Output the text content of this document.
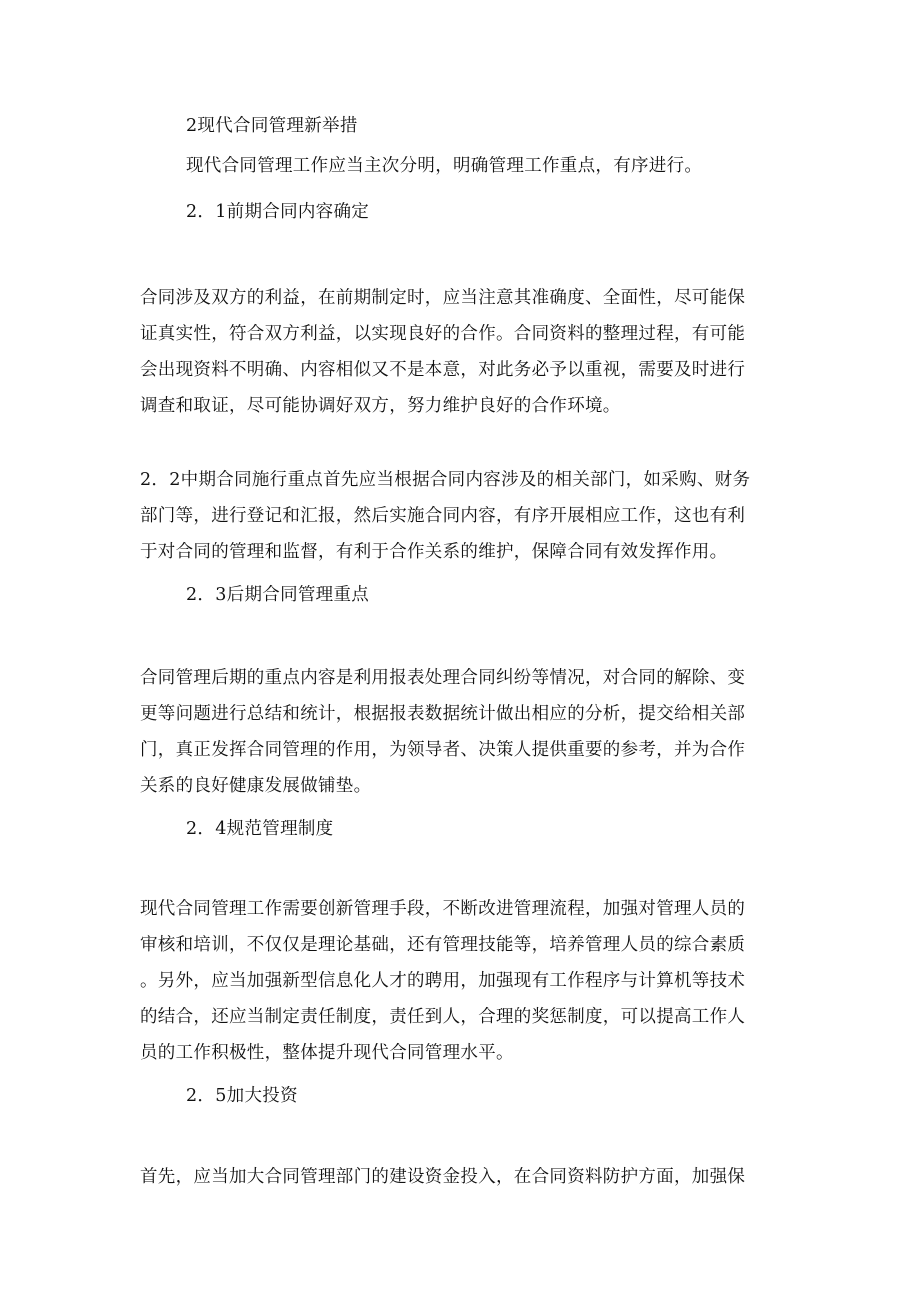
2现代合同管理新举措
现代合同管理工作应当主次分明，明确管理工作重点，有序进行。
2．1前期合同内容确定
合同涉及双方的利益，在前期制定时，应当注意其准确度、全面性，尽可能保
证真实性，符合双方利益，以实现良好的合作。合同资料的整理过程，有可能
会出现资料不明确、内容相似又不是本意，对此务必予以重视，需要及时进行
调查和取证，尽可能协调好双方，努力维护良好的合作环境。
2．2中期合同施行重点首先应当根据合同内容涉及的相关部门，如采购、财务
部门等，进行登记和汇报，然后实施合同内容，有序开展相应工作，这也有利
于对合同的管理和监督，有利于合作关系的维护，保障合同有效发挥作用。
2．3后期合同管理重点
合同管理后期的重点内容是利用报表处理合同纠纷等情况，对合同的解除、变
更等问题进行总结和统计，根据报表数据统计做出相应的分析，提交给相关部
门，真正发挥合同管理的作用，为领导者、决策人提供重要的参考，并为合作
关系的良好健康发展做铺垫。
2．4规范管理制度
现代合同管理工作需要创新管理手段，不断改进管理流程，加强对管理人员的
审核和培训，不仅仅是理论基础，还有管理技能等，培养管理人员的综合素质
。另外，应当加强新型信息化人才的聘用，加强现有工作程序与计算机等技术
的结合，还应当制定责任制度，责任到人，合理的奖惩制度，可以提高工作人
员的工作积极性，整体提升现代合同管理水平。
2．5加大投资
首先，应当加大合同管理部门的建设资金投入，在合同资料防护方面，加强保
